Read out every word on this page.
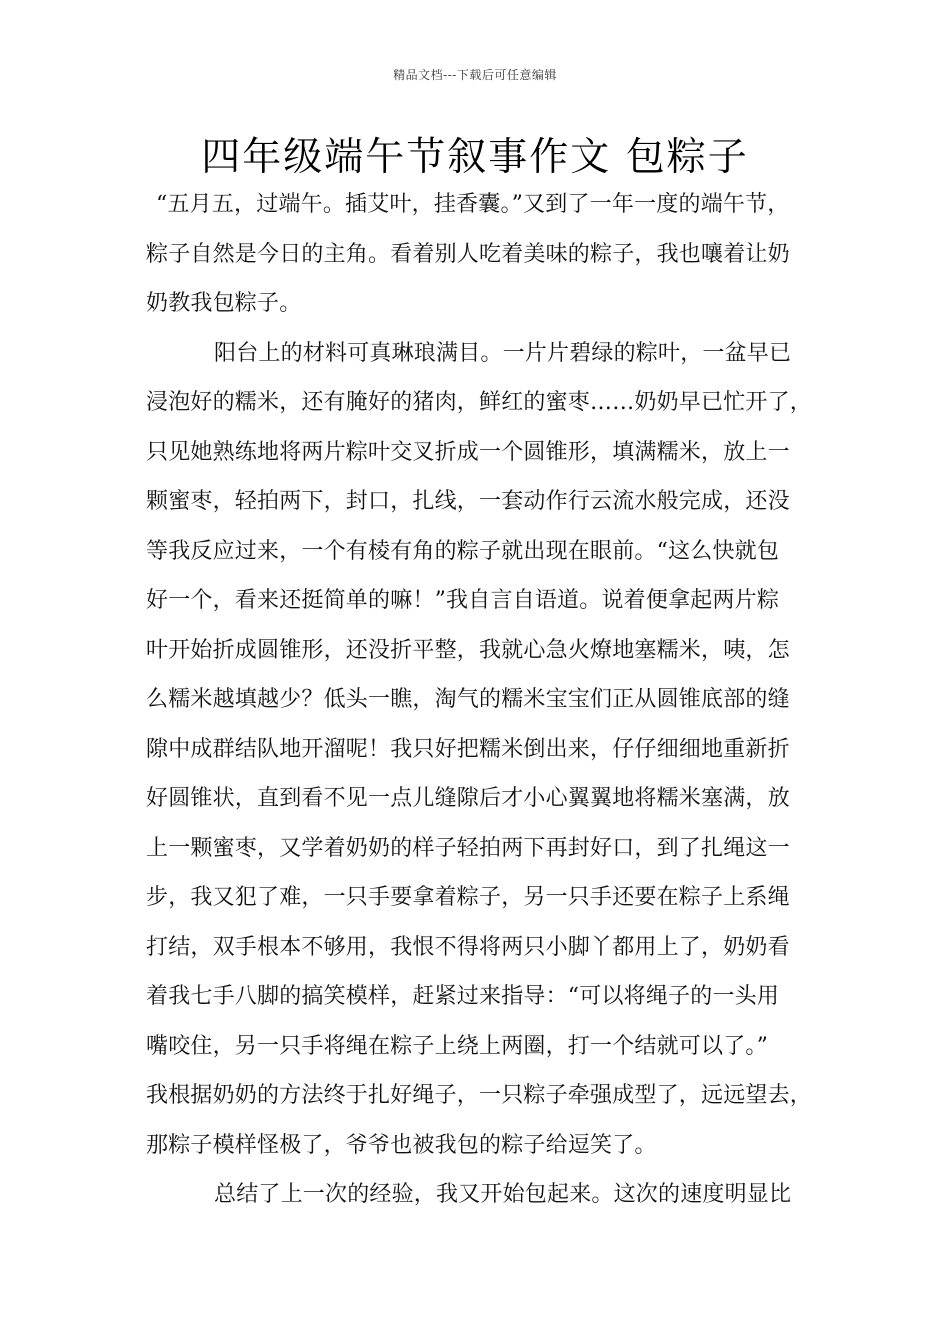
精品文档---下载后可任意编辑
四年级端午节叙事作文 包粽子
“五月五，过端午。插艾叶，挂香囊。”又到了一年一度的端午节，
粽子自然是今日的主角。看着别人吃着美味的粽子，我也嚷着让奶
奶教我包粽子。
阳台上的材料可真琳琅满目。一片片碧绿的粽叶，一盆早已
浸泡好的糯米，还有腌好的猪肉，鲜红的蜜枣……奶奶早已忙开了，
只见她熟练地将两片粽叶交叉折成一个圆锥形，填满糯米，放上一
颗蜜枣，轻拍两下，封口，扎线，一套动作行云流水般完成，还没
等我反应过来，一个有棱有角的粽子就出现在眼前。“这么快就包
好一个，看来还挺简单的嘛！”我自言自语道。说着便拿起两片粽
叶开始折成圆锥形，还没折平整，我就心急火燎地塞糯米，咦，怎
么糯米越填越少？低头一瞧，淘气的糯米宝宝们正从圆锥底部的缝
隙中成群结队地开溜呢！我只好把糯米倒出来，仔仔细细地重新折
好圆锥状，直到看不见一点儿缝隙后才小心翼翼地将糯米塞满，放
上一颗蜜枣，又学着奶奶的样子轻拍两下再封好口，到了扎绳这一
步，我又犯了难，一只手要拿着粽子，另一只手还要在粽子上系绳
打结，双手根本不够用，我恨不得将两只小脚丫都用上了，奶奶看
着我七手八脚的搞笑模样，赶紧过来指导：“可以将绳子的一头用
嘴咬住，另一只手将绳在粽子上绕上两圈，打一个结就可以了。”
我根据奶奶的方法终于扎好绳子，一只粽子牵强成型了，远远望去，
那粽子模样怪极了，爷爷也被我包的粽子给逗笑了。
总结了上一次的经验，我又开始包起来。这次的速度明显比
